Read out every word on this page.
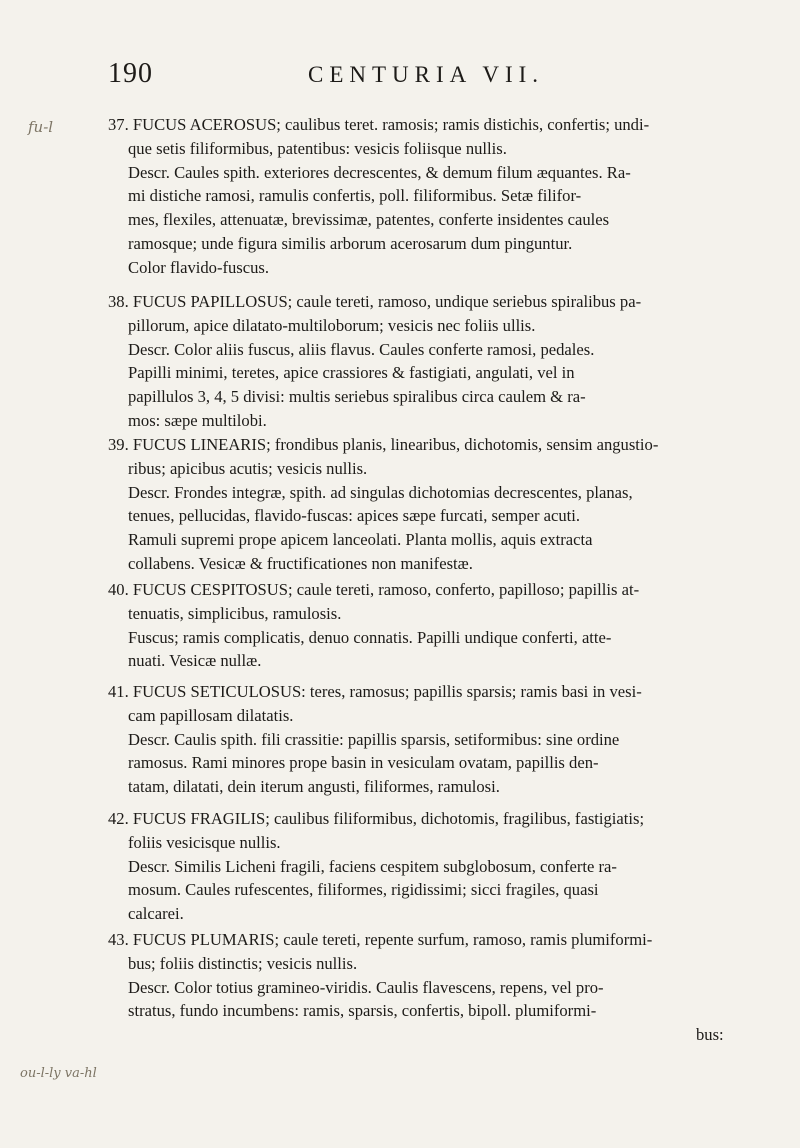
190	CENTURIA VII.
fu-l
ou-l-ly va-hl
37. FUCUS ACEROSUS; caulibus teret. ramosis; ramis distichis, confertis; undi-
que setis filiformibus, patentibus: vesicis foliisque nullis.
Descr. Caules spith. exteriores decrescentes, & demum filum æquantes. Ra-
mi distiche ramosi, ramulis confertis, poll. filiformibus. Setæ filifor-
mes, flexiles, attenuatæ, brevissimæ, patentes, conferte insidentes caules
ramosque; unde figura similis arborum acerosarum dum pinguntur.
Color flavido-fuscus.
38. FUCUS PAPILLOSUS; caule tereti, ramoso, undique seriebus spiralibus pa-
pillorum, apice dilatato-multiloborum; vesicis nec foliis ullis.
Descr. Color aliis fuscus, aliis flavus. Caules conferte ramosi, pedales.
Papilli minimi, teretes, apice crassiores & fastigiati, angulati, vel in
papillulos 3, 4, 5 divisi: multis seriebus spiralibus circa caulem & ra-
mos: sæpe multilobi.
39. FUCUS LINEARIS; frondibus planis, linearibus, dichotomis, sensim angustio-
ribus; apicibus acutis; vesicis nullis.
Descr. Frondes integræ, spith. ad singulas dichotomias decrescentes, planas,
tenues, pellucidas, flavido-fuscas: apices sæpe furcati, semper acuti.
Ramuli supremi prope apicem lanceolati. Planta mollis, aquis extracta
collabens. Vesicæ & fructificationes non manifestæ.
40. FUCUS CESPITOSUS; caule tereti, ramoso, conferto, papilloso; papillis at-
tenuatis, simplicibus, ramulosis.
Fuscus; ramis complicatis, denuo connatis. Papilli undique conferti, atte-
nuati. Vesicæ nullæ.
41. FUCUS SETICULOSUS: teres, ramosus; papillis sparsis; ramis basi in vesi-
cam papillosam dilatatis.
Descr. Caulis spith. fili crassitie: papillis sparsis, setiformibus: sine ordine
ramosus. Rami minores prope basin in vesiculam ovatam, papillis den-
tatam, dilatati, dein iterum angusti, filiformes, ramulosi.
42. FUCUS FRAGILIS; caulibus filiformibus, dichotomis, fragilibus, fastigiatis;
foliis vesicisque nullis.
Descr. Similis Licheni fragili, faciens cespitem subglobosum, conferte ra-
mosum. Caules rufescentes, filiformes, rigidissimi; sicci fragiles, quasi
calcarei.
43. FUCUS PLUMARIS; caule tereti, repente surfum, ramoso, ramis plumiformi-
bus; foliis distinctis; vesicis nullis.
Descr. Color totius gramineo-viridis. Caulis flavescens, repens, vel pro-
stratus, fundo incumbens: ramis, sparsis, confertis, bipoll. plumiformi-
bus:
